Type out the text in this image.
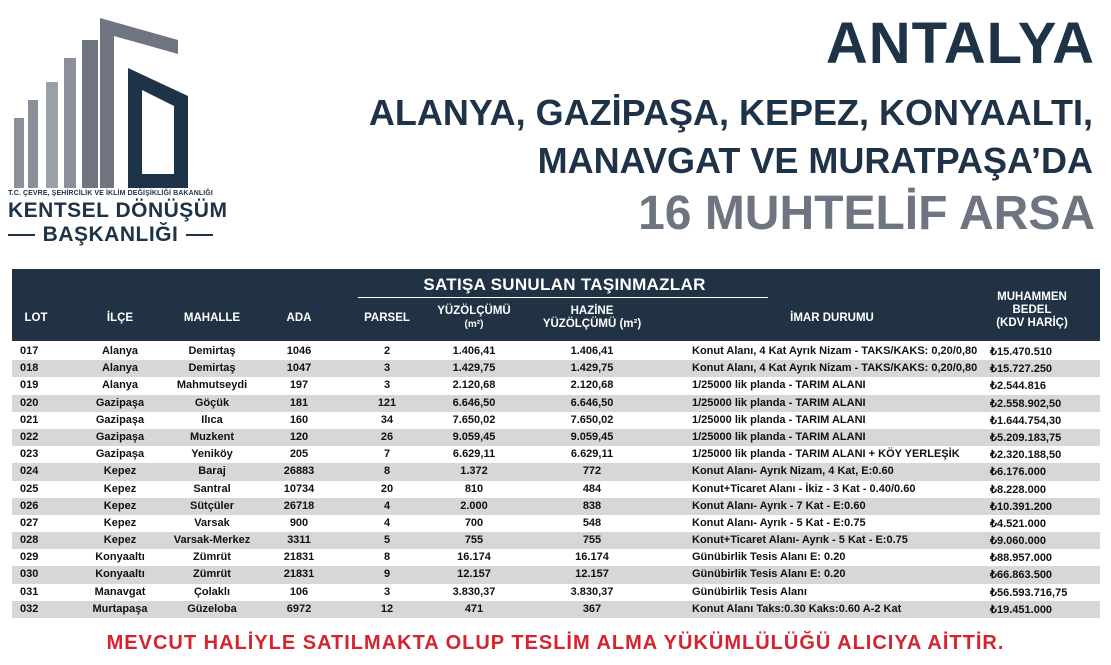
T.C. ÇEVRE, ŞEHİRCİLİK VE İKLİM DEĞİŞİKLİĞİ BAKANLIĞI
KENTSEL DÖNÜŞÜM
BAŞKANLIĞI
ANTALYA
ALANYA, GAZİPAŞA, KEPEZ, KONYAALTI,
MANAVGAT VE MURATPAŞA’DA
16 MUHTELİF ARSA
SATIŞA SUNULAN TAŞINMAZLAR
LOT	İLÇE	MAHALLE	ADA	PARSEL
YÜZÖLÇÜMÜ
(m²)
HAZİNE
YÜZÖLÇÜMÜ (m²)	İMAR DURUMU
MUHAMMEN
BEDEL
(KDV HARİÇ)
017	Alanya	Demirtaş	1046	2	1.406,41	1.406,41	Konut Alanı, 4 Kat Ayrık Nizam - TAKS/KAKS: 0,20/0,80	₺15.470.510
018	Alanya	Demirtaş	1047	3	1.429,75	1.429,75	Konut Alanı, 4 Kat Ayrık Nizam - TAKS/KAKS: 0,20/0,80	₺15.727.250
019	Alanya	Mahmutseydi	197	3	2.120,68	2.120,68	1/25000 lik planda - TARIM ALANI	₺2.544.816
020	Gazipaşa	Göçük	181	121	6.646,50	6.646,50	1/25000 lik planda - TARIM ALANI	₺2.558.902,50
021	Gazipaşa	Ilıca	160	34	7.650,02	7.650,02	1/25000 lik planda - TARIM ALANI	₺1.644.754,30
022	Gazipaşa	Muzkent	120	26	9.059,45	9.059,45	1/25000 lik planda - TARIM ALANI	₺5.209.183,75
023	Gazipaşa	Yeniköy	205	7	6.629,11	6.629,11	1/25000 lik planda - TARIM ALANI + KÖY YERLEŞİK	₺2.320.188,50
024	Kepez	Baraj	26883	8	1.372	772	Konut Alanı- Ayrık Nizam, 4 Kat, E:0.60	₺6.176.000
025	Kepez	Santral	10734	20	810	484	Konut+Ticaret Alanı - İkiz - 3 Kat - 0.40/0.60	₺8.228.000
026	Kepez	Sütçüler	26718	4	2.000	838	Konut Alanı- Ayrık - 7 Kat - E:0.60	₺10.391.200
027	Kepez	Varsak	900	4	700	548	Konut Alanı- Ayrık - 5 Kat - E:0.75	₺4.521.000
028	Kepez	Varsak-Merkez	3311	5	755	755	Konut+Ticaret Alanı- Ayrık - 5 Kat - E:0.75	₺9.060.000
029	Konyaaltı	Zümrüt	21831	8	16.174	16.174	Günübirlik Tesis Alanı E: 0.20	₺88.957.000
030	Konyaaltı	Zümrüt	21831	9	12.157	12.157	Günübirlik Tesis Alanı E: 0.20	₺66.863.500
031	Manavgat	Çolaklı	106	3	3.830,37	3.830,37	Günübirlik Tesis Alanı	₺56.593.716,75
032	Murtapaşa	Güzeloba	6972	12	471	367	Konut Alanı Taks:0.30 Kaks:0.60 A-2 Kat	₺19.451.000
MEVCUT HALİYLE SATILMAKTA OLUP TESLİM ALMA YÜKÜMLÜLÜĞÜ ALICIYA AİTTİR.
